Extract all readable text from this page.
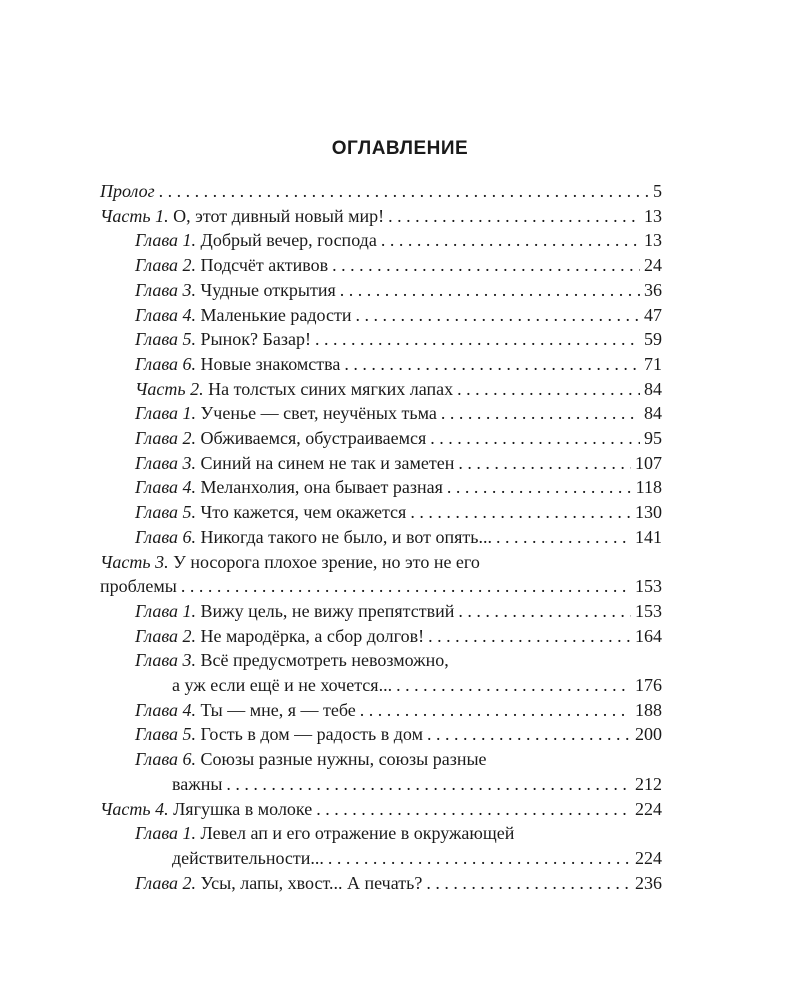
ОГЛАВЛЕНИЕ
Пролог . . .	5
Часть 1. О, этот дивный новый мир! . . .	13
Глава 1. Добрый вечер, господа . . .	13
Глава 2. Подсчёт активов . . .	24
Глава 3. Чудные открытия . . .	36
Глава 4. Маленькие радости . . .	47
Глава 5. Рынок? Базар! . . .	59
Глава 6. Новые знакомства . . .	71
Часть 2. На толстых синих мягких лапах . . .	84
Глава 1. Ученье — свет, неучёных тьма . . .	84
Глава 2. Обживаемся, обустраиваемся . . .	95
Глава 3. Синий на синем не так и заметен . . .	107
Глава 4. Меланхолия, она бывает разная . . .	118
Глава 5. Что кажется, чем окажется . . .	130
Глава 6. Никогда такого не было, и вот опять... . . .	141
Часть 3. У носорога плохое зрение, но это не его
проблемы . . .	153
Глава 1. Вижу цель, не вижу препятствий . . .	153
Глава 2. Не мародёрка, а сбор долгов! . . .	164
Глава 3. Всё предусмотреть невозможно,
а уж если ещё и не хочется... . . .	176
Глава 4. Ты — мне, я — тебе . . .	188
Глава 5. Гость в дом — радость в дом . . .	200
Глава 6. Союзы разные нужны, союзы разные
важны . . .	212
Часть 4. Лягушка в молоке . . .	224
Глава 1. Левел ап и его отражение в окружающей
действительности... . . .	224
Глава 2. Усы, лапы, хвост... А печать? . . .	236
